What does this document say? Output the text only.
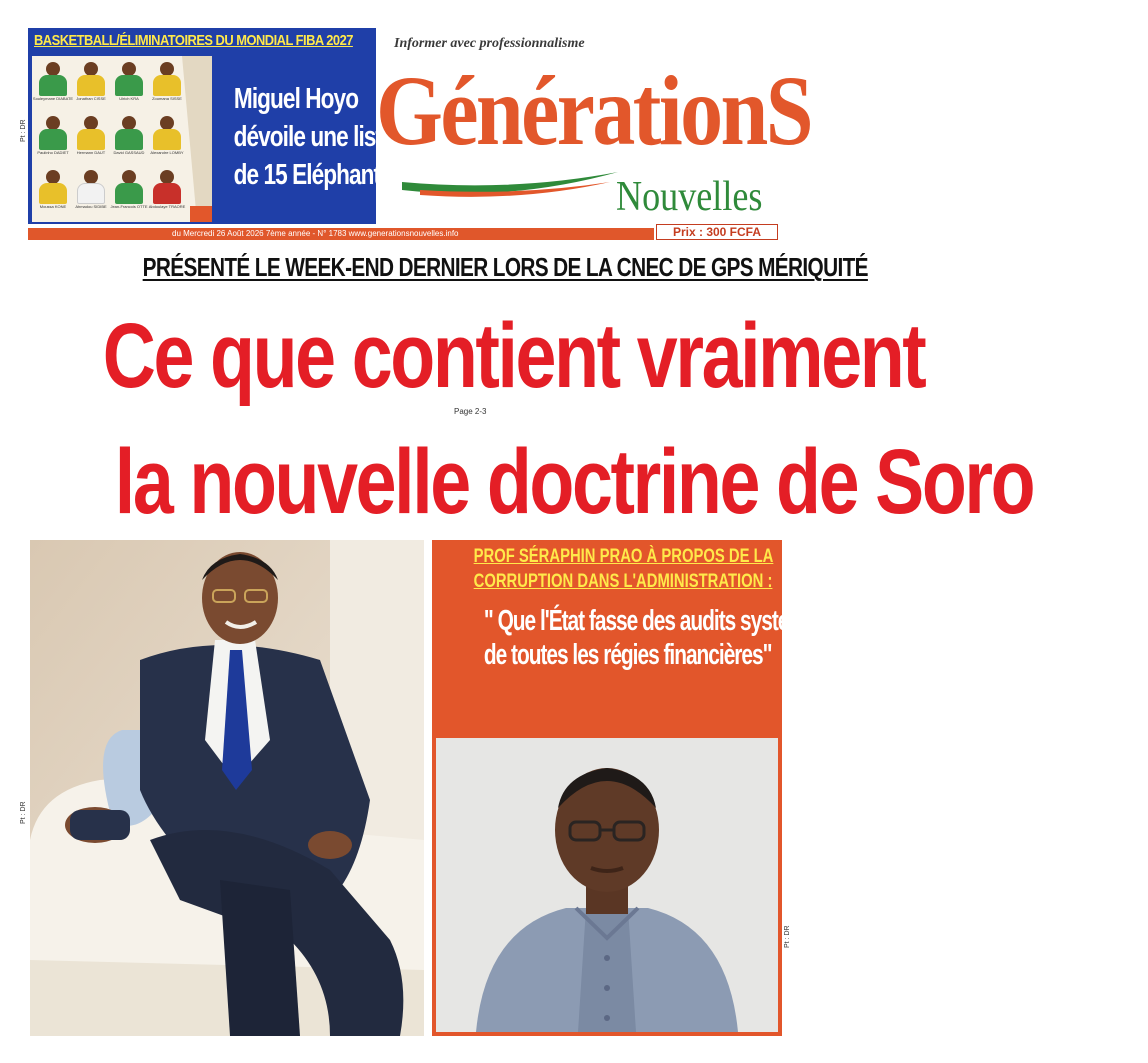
Pt : DR
Pt : DR
Pt : DR
BASKETBALL/ÉLIMINATOIRES DU MONDIAL FIBA 2027
Souleymane DIABATE Jonathan CISSE	Ulrich KRA	Zoumana SISSE
Paulinho DADIET	Hermann DAUT	David GASSAUD	Alexandre LOMBY
Moussa KONE	Ahmadou SIDIBE Jean-Francois OTTE Abdoulaye TRAORE
Miguel Hoyo
dévoile une liste
de 15 Eléphants
Informer avec professionnalisme
GénérationS
Nouvelles
du Mercredi 26 Août 2026 7ème année - N° 1783 www.generationsnouvelles.info	Prix : 300 FCFA
PRÉSENTÉ LE WEEK-END DERNIER LORS DE LA CNEC DE GPS MÉRIQUITÉ
Ce que contient vraiment
Page 2-3
la nouvelle doctrine de Soro
PROF SÉRAPHIN PRAO À PROPOS DE LA
CORRUPTION DANS L'ADMINISTRATION :
" Que l'État fasse des audits systématiques
de toutes les régies financières"
